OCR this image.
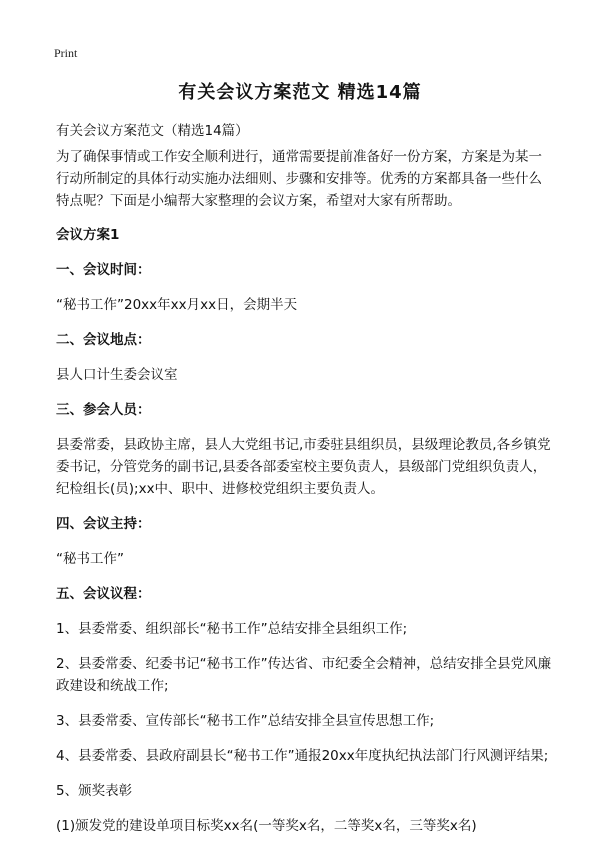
Print
有关会议方案范文 精选14篇

有关会议方案范文（精选14篇）

为了确保事情或工作安全顺利进行，通常需要提前准备好一份方案，方案是为某一行动所制定的具体行动实施办法细则、步骤和安排等。优秀的方案都具备一些什么特点呢？下面是小编帮大家整理的会议方案，希望对大家有所帮助。

会议方案1

一、会议时间：

“秘书工作”20xx年xx月xx日，会期半天

二、会议地点：

县人口计生委会议室

三、参会人员：

县委常委，县政协主席，县人大党组书记,市委驻县组织员，县级理论教员,各乡镇党委书记，分管党务的副书记,县委各部委室校主要负责人，县级部门党组织负责人，纪检组长(员);xx中、职中、进修校党组织主要负责人。

四、会议主持：

“秘书工作”

五、会议议程：

1、县委常委、组织部长“秘书工作”总结安排全县组织工作;

2、县委常委、纪委书记“秘书工作”传达省、市纪委全会精神，总结安排全县党风廉政建设和统战工作;

3、县委常委、宣传部长“秘书工作”总结安排全县宣传思想工作;

4、县委常委、县政府副县长“秘书工作”通报20xx年度执纪执法部门行风测评结果;

5、颁奖表彰

(1)颁发党的建设单项目标奖xx名(一等奖x名，二等奖x名，三等奖x名)
